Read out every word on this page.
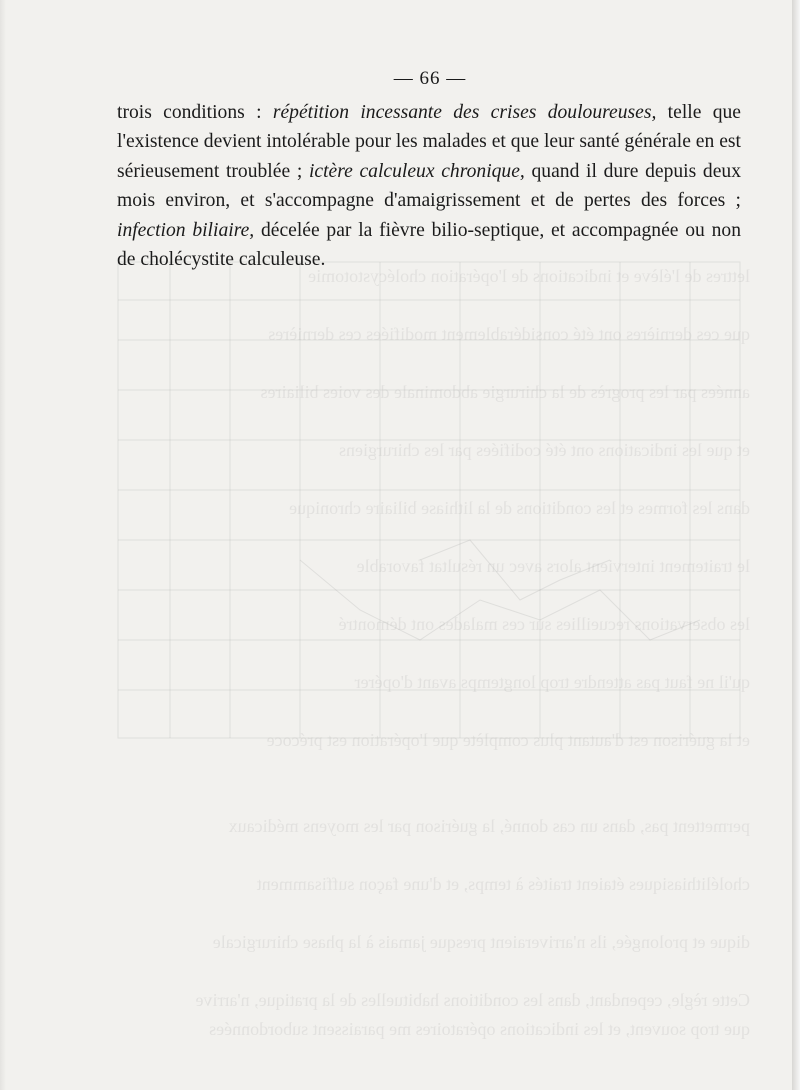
lettres de l'élève et indications de l'opération cholécystotomie
que ces dernières ont été considérablement modifiées ces dernières
années par les progrès de la chirurgie abdominale des voies biliaires
et que les indications ont été codifiées par les chirurgiens
dans les formes et les conditions de la lithiase biliaire chronique
le traitement intervient alors avec un résultat favorable
les observations recueillies sur ces malades ont démontré
qu'il ne faut pas attendre trop longtemps avant d'opérer
et la guérison est d'autant plus complète que l'opération est précoce
permettent pas, dans un cas donné, la guérison par les moyens médicaux
cholélithiasiques étaient traités à temps, et d'une façon suffisamment
dique et prolongée, ils n'arriveraient presque jamais à la phase chirurgicale
Cette règle, cependant, dans les conditions habituelles de la pratique, n'arrive
que trop souvent, et les indications opératoires me paraissent subordonnées
— 66 —
trois conditions : répétition incessante des crises douloureuses, telle que l'existence devient intolérable pour les malades et que leur santé générale en est sérieusement troublée ; ictère calculeux chronique, quand il dure depuis deux mois environ, et s'accompagne d'amaigrissement et de pertes des forces ; infection biliaire, décelée par la fièvre bilio-septique, et accompagnée ou non de cholécystite calculeuse.
